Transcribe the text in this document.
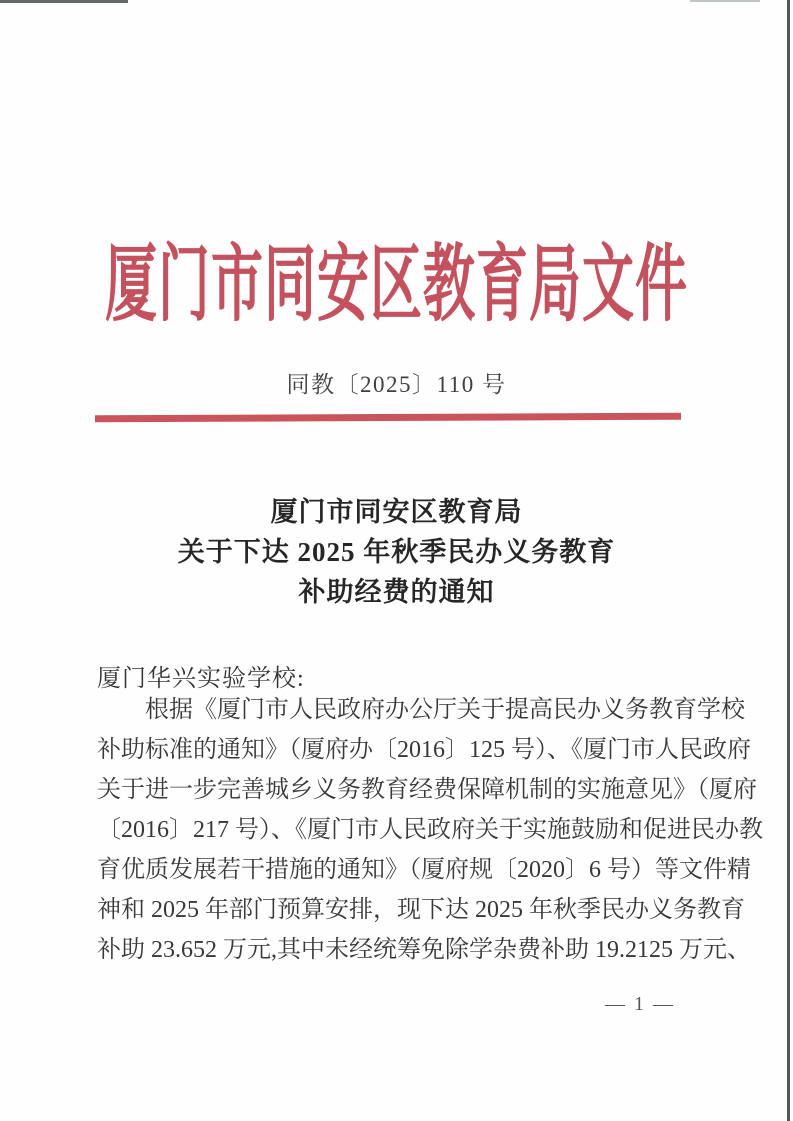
厦门市同安区教育局文件
同教〔2025〕110 号
厦门市同安区教育局
关于下达 2025 年秋季民办义务教育
补助经费的通知
厦门华兴实验学校:
　　根据《厦门市人民政府办公厅关于提高民办义务教育学校
补助标准的通知》（厦府办〔2016〕125 号）、《厦门市人民政府
关于进一步完善城乡义务教育经费保障机制的实施意见》（厦府
〔2016〕217 号）、《厦门市人民政府关于实施鼓励和促进民办教
育优质发展若干措施的通知》（厦府规〔2020〕6 号）等文件精
神和 2025 年部门预算安排，现下达 2025 年秋季民办义务教育
补助 23.652 万元,其中未经统筹免除学杂费补助 19.2125 万元、
— 1 —
